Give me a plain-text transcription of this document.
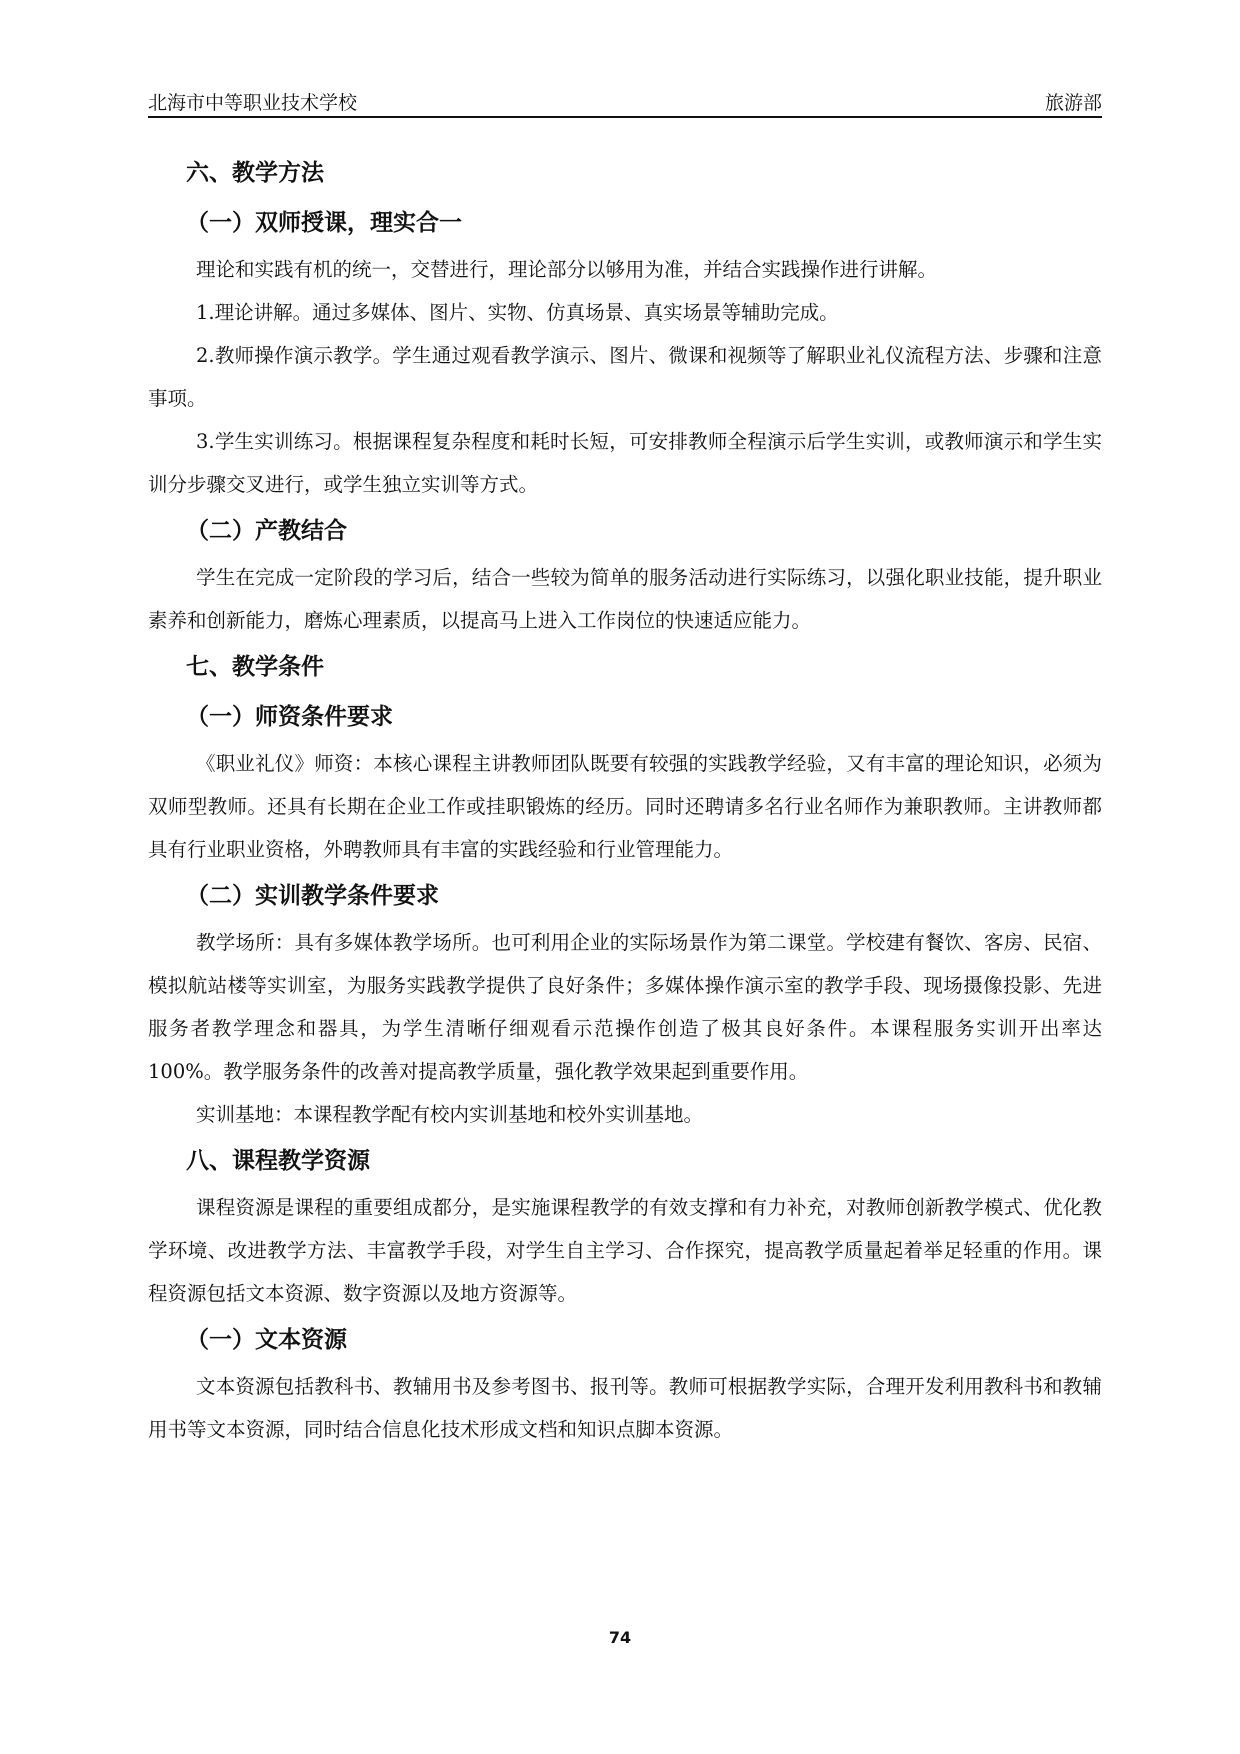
北海市中等职业技术学校	旅游部
六、教学方法
（一）双师授课，理实合一

理论和实践有机的统一，交替进行，理论部分以够用为准，并结合实践操作进行讲解。

1.理论讲解。通过多媒体、图片、实物、仿真场景、真实场景等辅助完成。

2.教师操作演示教学。学生通过观看教学演示、图片、微课和视频等了解职业礼仪流程方法、步骤和注意事项。

3.学生实训练习。根据课程复杂程度和耗时长短，可安排教师全程演示后学生实训，或教师演示和学生实训分步骤交叉进行，或学生独立实训等方式。

（二）产教结合

学生在完成一定阶段的学习后，结合一些较为简单的服务活动进行实际练习，以强化职业技能，提升职业素养和创新能力，磨炼心理素质，以提高马上进入工作岗位的快速适应能力。

七、教学条件
（一）师资条件要求

《职业礼仪》师资：本核心课程主讲教师团队既要有较强的实践教学经验，又有丰富的理论知识，必须为双师型教师。还具有长期在企业工作或挂职锻炼的经历。同时还聘请多名行业名师作为兼职教师。主讲教师都具有行业职业资格，外聘教师具有丰富的实践经验和行业管理能力。

（二）实训教学条件要求

教学场所：具有多媒体教学场所。也可利用企业的实际场景作为第二课堂。学校建有餐饮、客房、民宿、模拟航站楼等实训室，为服务实践教学提供了良好条件；多媒体操作演示室的教学手段、现场摄像投影、先进服务者教学理念和器具，为学生清晰仔细观看示范操作创造了极其良好条件。本课程服务实训开出率达 100%。教学服务条件的改善对提高教学质量，强化教学效果起到重要作用。

实训基地：本课程教学配有校内实训基地和校外实训基地。

八、课程教学资源

课程资源是课程的重要组成都分，是实施课程教学的有效支撑和有力补充，对教师创新教学模式、优化教学环境、改进教学方法、丰富教学手段，对学生自主学习、合作探究，提高教学质量起着举足轻重的作用。课程资源包括文本资源、数字资源以及地方资源等。

（一）文本资源

文本资源包括教科书、教辅用书及参考图书、报刊等。教师可根据教学实际，合理开发利用教科书和教辅用书等文本资源，同时结合信息化技术形成文档和知识点脚本资源。

74
